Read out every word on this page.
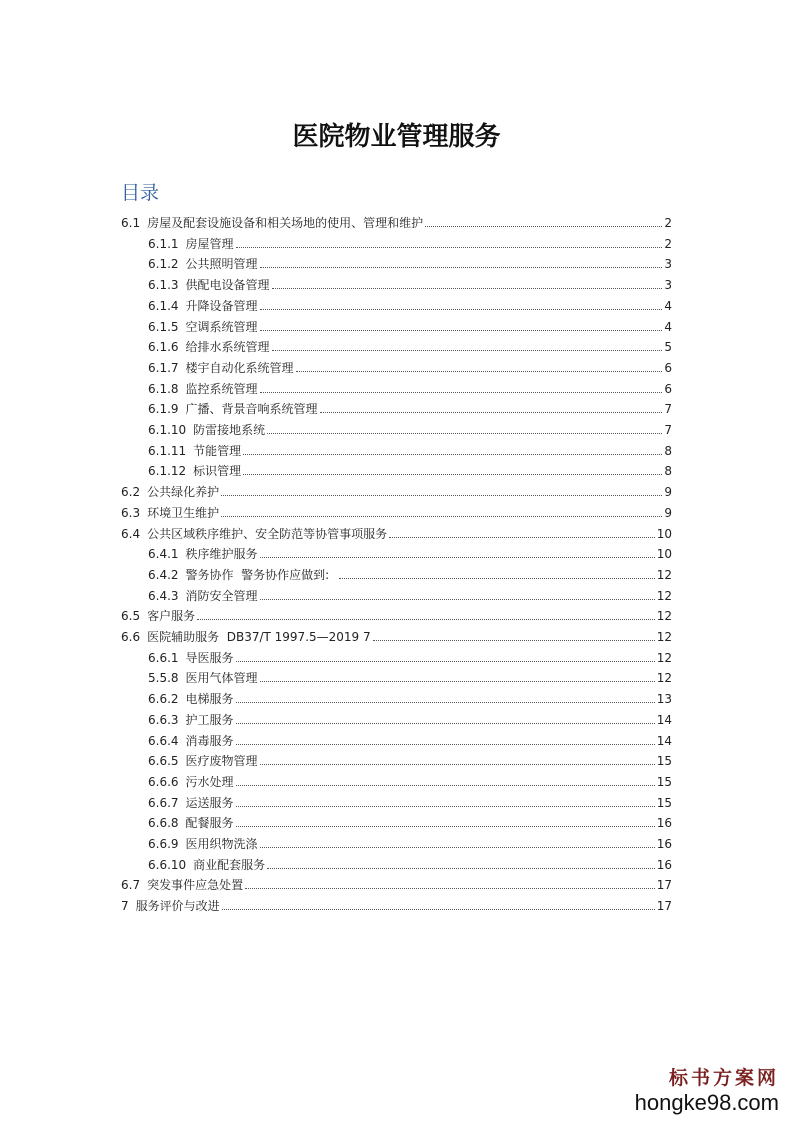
医院物业管理服务
目录
6.1 房屋及配套设施设备和相关场地的使用、管理和维护	2
6.1.1 房屋管理	2
6.1.2 公共照明管理	3
6.1.3 供配电设备管理	3
6.1.4 升降设备管理	4
6.1.5 空调系统管理	4
6.1.6 给排水系统管理	5
6.1.7 楼宇自动化系统管理	6
6.1.8 监控系统管理	6
6.1.9 广播、背景音响系统管理	7
6.1.10 防雷接地系统	7
6.1.11 节能管理	8
6.1.12 标识管理	8
6.2 公共绿化养护	9
6.3 环境卫生维护	9
6.4 公共区域秩序维护、安全防范等协管事项服务	10
6.4.1 秩序维护服务	10
6.4.2 警务协作  警务协作应做到:	12
6.4.3 消防安全管理	12
6.5 客户服务	12
6.6 医院辅助服务  DB37/T 1997.5—2019 7	12
6.6.1 导医服务	12
5.5.8 医用气体管理	12
6.6.2 电梯服务	13
6.6.3 护工服务	14
6.6.4 消毒服务	14
6.6.5 医疗废物管理	15
6.6.6 污水处理	15
6.6.7 运送服务	15
6.6.8 配餐服务	16
6.6.9 医用织物洗涤	16
6.6.10 商业配套服务	16
6.7 突发事件应急处置	17
7 服务评价与改进	17
标书方案网
hongke98.com
